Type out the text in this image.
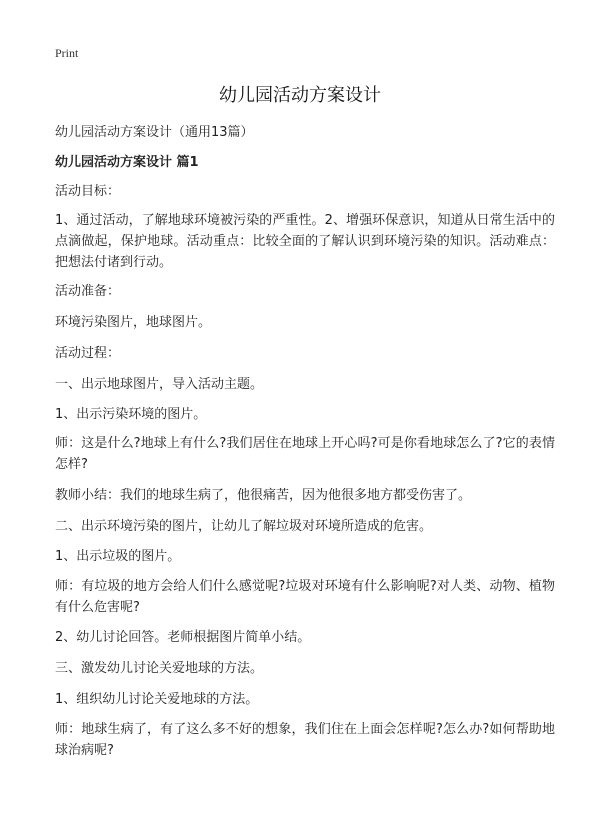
Print
幼儿园活动方案设计
幼儿园活动方案设计（通用13篇）
幼儿园活动方案设计 篇1

活动目标：

1、通过活动，了解地球环境被污染的严重性。2、增强环保意识，知道从日常生活中的点滴做起，保护地球。活动重点：比较全面的了解认识到环境污染的知识。活动难点：把想法付诸到行动。

活动准备：

环境污染图片，地球图片。

活动过程：

一、出示地球图片，导入活动主题。

1、出示污染环境的图片。

师：这是什么?地球上有什么?我们居住在地球上开心吗?可是你看地球怎么了?它的表情怎样?

教师小结：我们的地球生病了，他很痛苦，因为他很多地方都受伤害了。

二、出示环境污染的图片，让幼儿了解垃圾对环境所造成的危害。

1、出示垃圾的图片。

师：有垃圾的地方会给人们什么感觉呢?垃圾对环境有什么影响呢?对人类、动物、植物有什么危害呢?

2、幼儿讨论回答。老师根据图片简单小结。

三、激发幼儿讨论关爱地球的方法。

1、组织幼儿讨论关爱地球的方法。

师：地球生病了，有了这么多不好的想象，我们住在上面会怎样呢?怎么办?如何帮助地球治病呢?
